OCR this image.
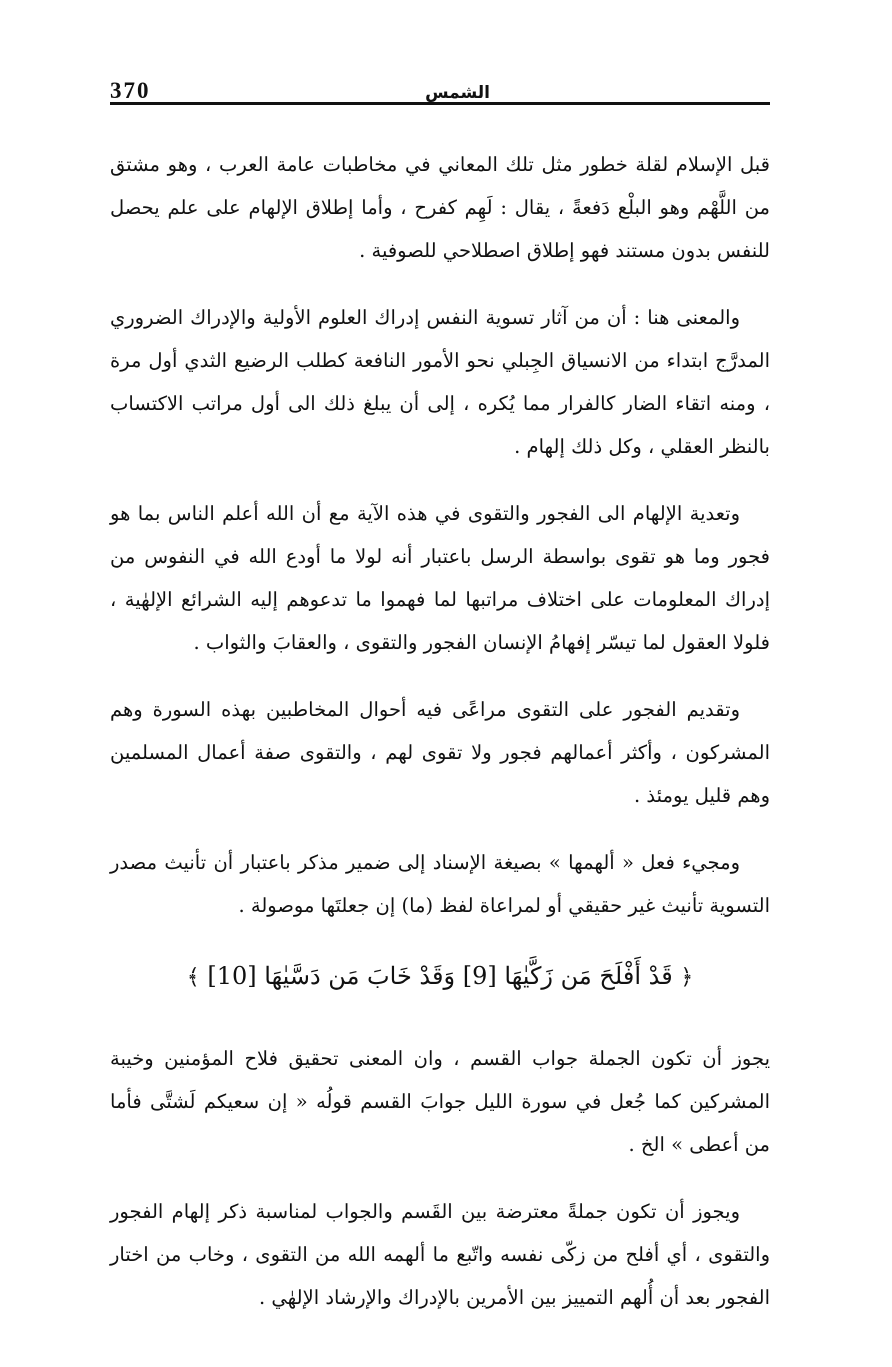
370	الشمس

قبل الإسلام لقلة خطور مثل تلك المعاني في مخاطبات عامة العرب ، وهو مشتق من اللَّهْم وهو البلْع دَفعةً ، يقال : لَهِم كفرح ، وأما إطلاق الإلهام على علم يحصل للنفس بدون مستند فهو إطلاق اصطلاحي للصوفية .

والمعنى هنا : أن من آثار تسوية النفس إدراك العلوم الأولية والإدراك الضروري المدرَّج ابتداء من الانسياق الجِبلي نحو الأمور النافعة كطلب الرضيع الثدي أول مرة ، ومنه اتقاء الضار كالفرار مما يُكره ، إلى أن يبلغ ذلك الى أول مراتب الاكتساب بالنظر العقلي ، وكل ذلك إلهام .

وتعدية الإلهام الى الفجور والتقوى في هذه الآية مع أن الله أعلم الناس بما هو فجور وما هو تقوى بواسطة الرسل باعتبار أنه لولا ما أودع الله في النفوس من إدراك المعلومات على اختلاف مراتبها لما فهموا ما تدعوهم إليه الشرائع الإلهٰية ، فلولا العقول لما تيسّر إفهامُ الإنسان الفجور والتقوى ، والعقابَ والثواب .

وتقديم الفجور على التقوى مراعًى فيه أحوال المخاطبين بهذه السورة وهم المشركون ، وأكثر أعمالهم فجور ولا تقوى لهم ، والتقوى صفة أعمال المسلمين وهم قليل يومئذ .

ومجيء فعل « ألهمها » بصيغة الإسناد إلى ضمير مذكر باعتبار أن تأنيث مصدر التسوية تأنيث غير حقيقي أو لمراعاة لفظ (ما) إن جعلتَها موصولة .

﴿ قَدْ أَفْلَحَ مَن زَكَّيٰهَا [9] وَقَدْ خَابَ مَن دَسَّيٰهَا [10] ﴾

يجوز أن تكون الجملة جواب القسم ، وان المعنى تحقيق فلاح المؤمنين وخيبة المشركين كما جُعل في سورة الليل جوابَ القسم قولُه « إن سعيكم لَشتَّى فأما من أعطى » الخ .

ويجوز أن تكون جملةً معترضة بين القَسم والجواب لمناسبة ذكر إلهام الفجور والتقوى ، أي أفلح من زكّى نفسه واتّبع ما ألهمه الله من التقوى ، وخاب من اختار الفجور بعد أن أُلهم التمييز بين الأمرين بالإدراك والإرشاد الإلهٰي .
